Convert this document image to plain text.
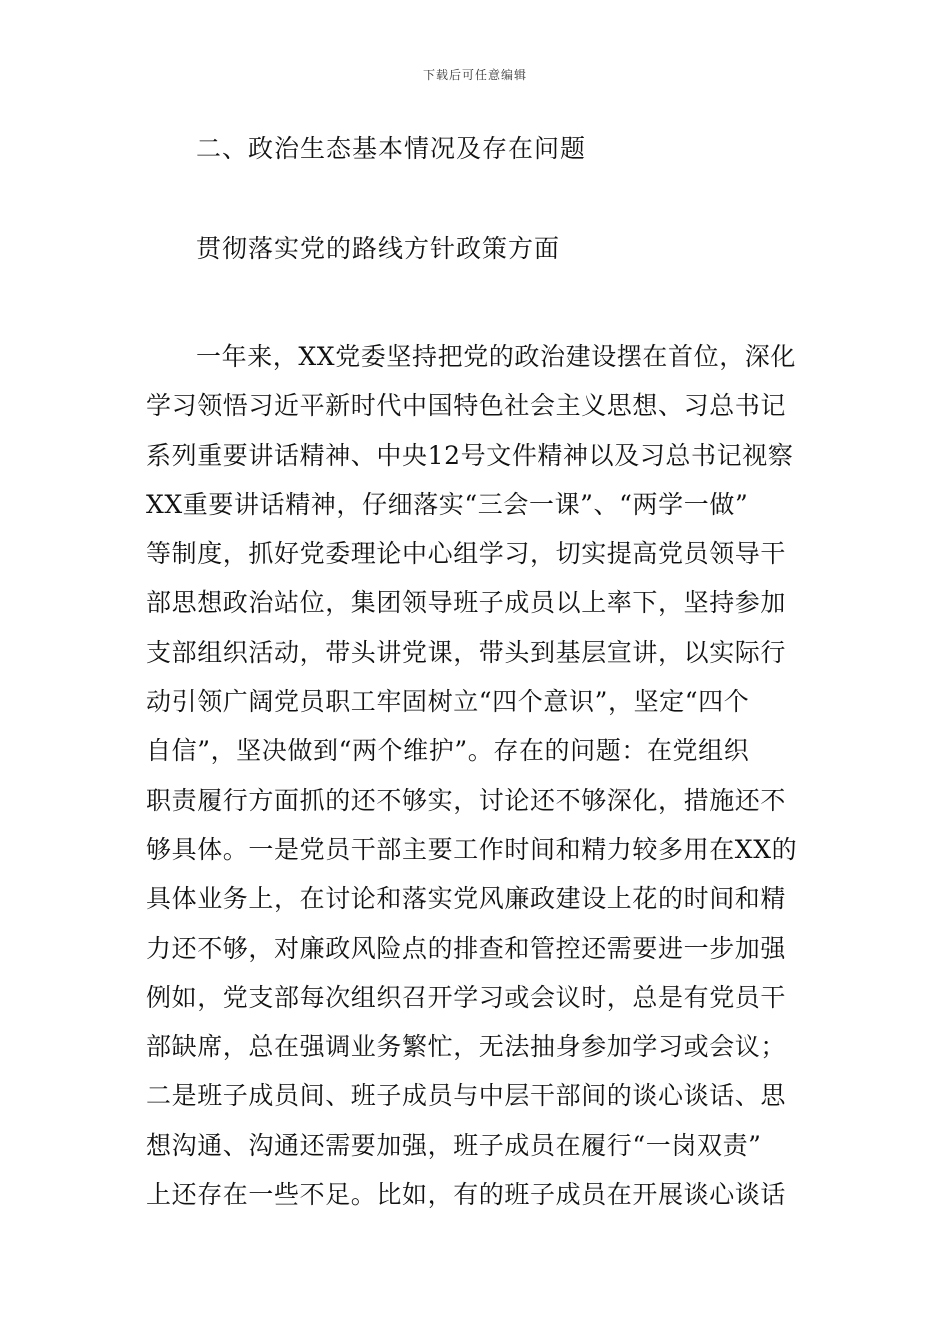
下载后可任意编辑
二、政治生态基本情况及存在问题
贯彻落实党的路线方针政策方面
一年来，XX党委坚持把党的政治建设摆在首位，深化
学习领悟习近平新时代中国特色社会主义思想、习总书记
系列重要讲话精神、中央12号文件精神以及习总书记视察
XX重要讲话精神，仔细落实“三会一课”、“两学一做”
等制度，抓好党委理论中心组学习，切实提高党员领导干
部思想政治站位，集团领导班子成员以上率下，坚持参加
支部组织活动，带头讲党课，带头到基层宣讲，以实际行
动引领广阔党员职工牢固树立“四个意识”，坚定“四个
自信”，坚决做到“两个维护”。存在的问题：在党组织
职责履行方面抓的还不够实，讨论还不够深化，措施还不
够具体。一是党员干部主要工作时间和精力较多用在XX的
具体业务上，在讨论和落实党风廉政建设上花的时间和精
力还不够，对廉政风险点的排查和管控还需要进一步加强
例如，党支部每次组织召开学习或会议时，总是有党员干
部缺席，总在强调业务繁忙，无法抽身参加学习或会议；
二是班子成员间、班子成员与中层干部间的谈心谈话、思
想沟通、沟通还需要加强，班子成员在履行“一岗双责”
上还存在一些不足。比如，有的班子成员在开展谈心谈话
